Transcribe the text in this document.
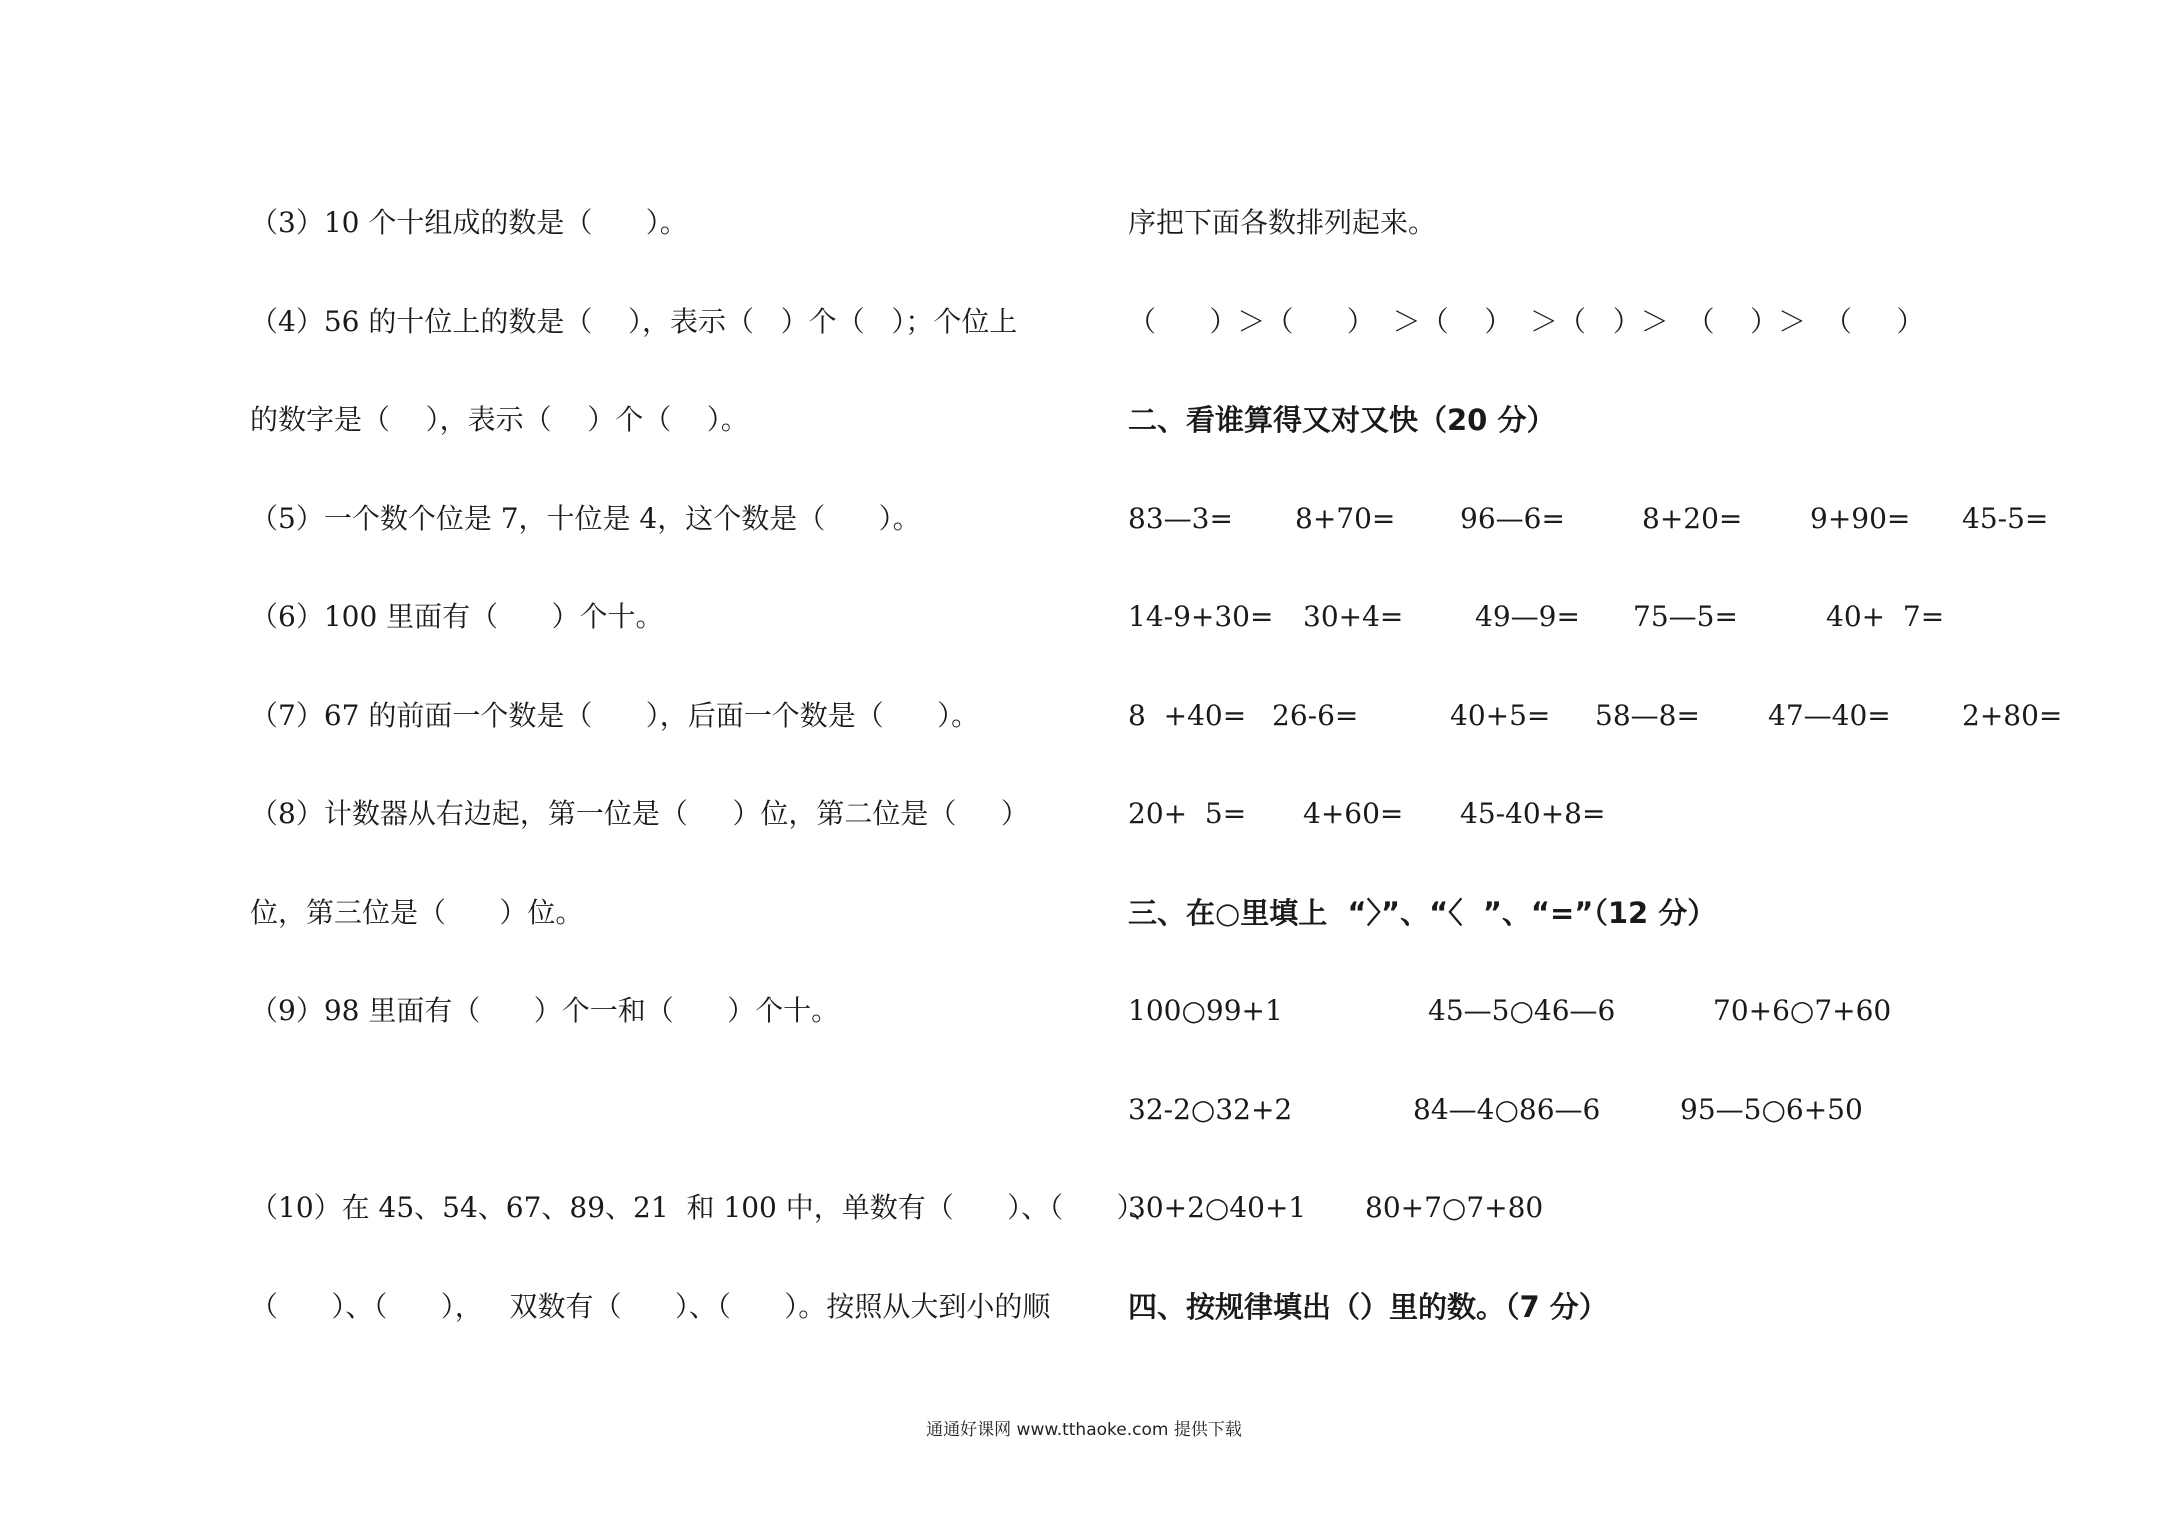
（3）10 个十组成的数是（      ）。
（4）56 的十位上的数是（    ），表示（   ）个（   ）；个位上
的数字是（    ），表示（    ）个（    ）。
（5）一个数个位是 7，十位是 4，这个数是（      ）。
（6）100 里面有（      ）个十。
（7）67 的前面一个数是（      ），后面一个数是（      ）。
（8）计数器从右边起，第一位是（     ）位，第二位是（     ）
位，第三位是（      ）位。
（9）98 里面有（      ）个一和（      ）个十。
（10）在 45、54、67、89、21  和 100 中，单数有（      ）、（      ）、
（      ）、（      ），   双数有（      ）、（      ）。按照从大到小的顺
序把下面各数排列起来。
（      ）＞（      ）  ＞（    ）  ＞（   ）＞  （    ）＞  （     ）
二、看谁算得又对又快（20 分）
83—3= 8+70= 96—6=	8+20= 9+90= 45-5=
14-9+30= 30+4=	49—9= 75—5=	40+  7=
8  +40= 26-6=	40+5= 58—8= 47—40=	2+80=
20+  5= 4+60= 45-40+8=
三、在○里填上  “〉”、“〈  ”、“=”（12 分）
100○99+1	45—5○46—6	70+6○7+60
32-2○32+2	84—4○86—6	95—5○6+50
30+2○40+1 80+7○7+80
四、按规律填出（）里的数。（7 分）
通通好课网 www.tthaoke.com 提供下载
